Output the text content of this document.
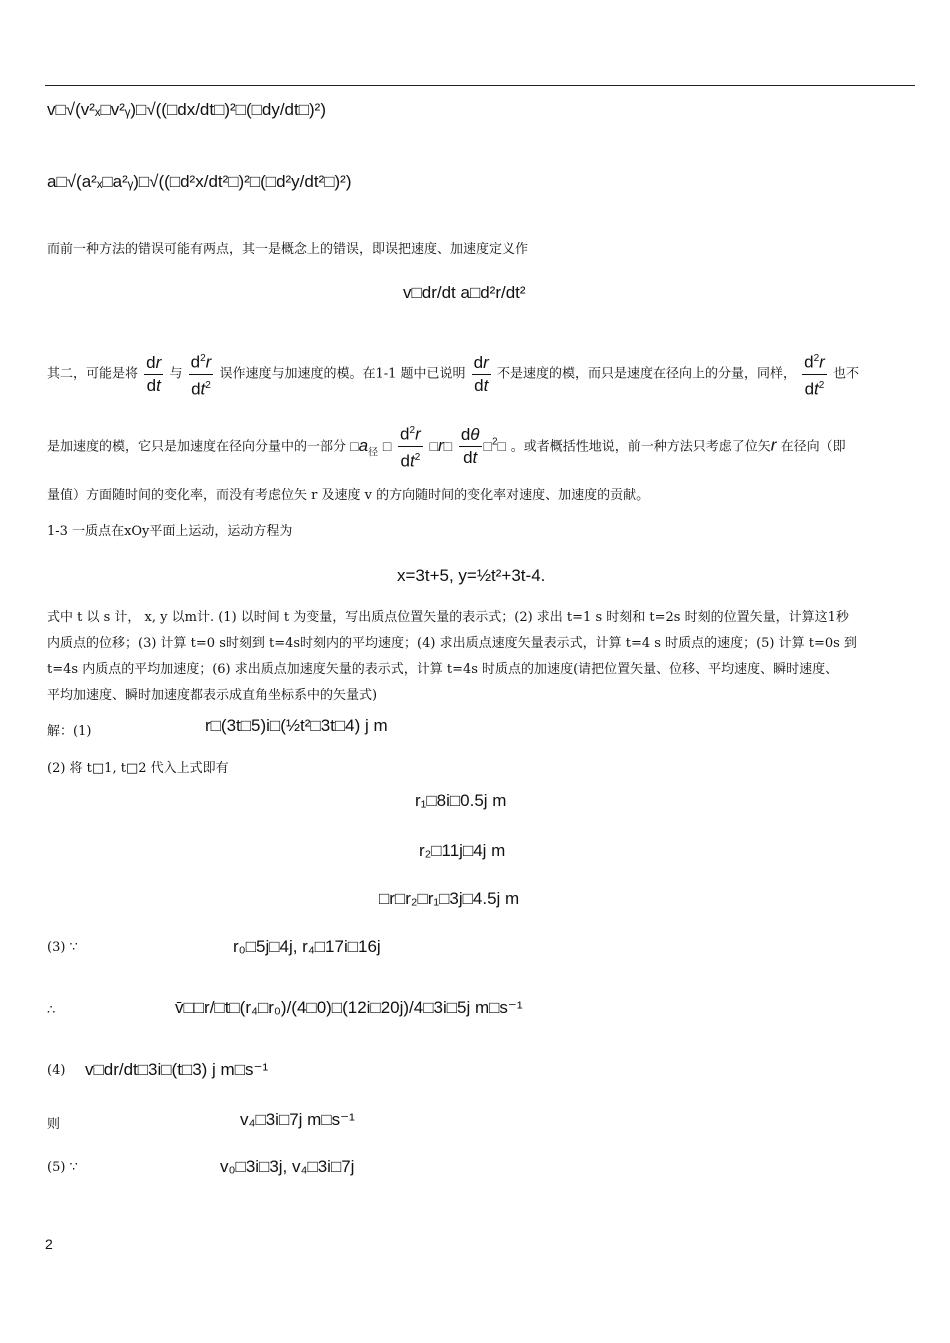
v□√(v²ₓ□v²ᵧ)□√((□dx/dt□)²□(□dy/dt□)²)
a□√(a²ₓ□a²ᵧ)□√((□d²x/dt²□)²□(□d²y/dt²□)²)
而前一种方法的错误可能有两点，其一是概念上的错误，即误把速度、加速度定义作
v□dr/dt a□d²r/dt²
其二，可能是将 $\frac{dr}{dt}$ 与 $\frac{d^2r}{dt^2}$ 误作速度与加速度的模。在1-1 题中已说明 $\frac{dr}{dt}$ 不是速度的模，而只是速度在径向上的分量，同样， $\frac{d^2r}{dt^2}$ 也不
是加速度的模，它只是加速度在径向分量中的一部分 $□a_径$ □ $\frac{d^2r}{dt^2}$ □r□ $\frac{d\theta}{dt}$ □$^2$□ 。或者概括性地说，前一种方法只考虑了位矢r 在径向（即
量值）方面随时间的变化率，而没有考虑位矢 r 及速度 v 的方向随时间的变化率对速度、加速度的贡献。
1-3 一质点在xOy平面上运动，运动方程为
x=3t+5, y=½t²+3t-4.
式中 t 以 s 计， x, y 以m计. (1) 以时间 t 为变量，写出质点位置矢量的表示式；(2) 求出 t=1 s 时刻和 t=2s 时刻的位置矢量，计算这1秒
内质点的位移；(3) 计算 t=0 s时刻到 t=4s时刻内的平均速度；(4) 求出质点速度矢量表示式，计算 t=4 s 时质点的速度；(5) 计算 t=0s 到
t=4s 内质点的平均加速度；(6) 求出质点加速度矢量的表示式，计算 t=4s 时质点的加速度(请把位置矢量、位移、平均速度、瞬时速度、
平均加速度、瞬时加速度都表示成直角坐标系中的矢量式)
解：(1)	r□(3t□5)i□(½t²□3t□4) j m
(2) 将 t□1, t□2 代入上式即有
r₁□8i□0.5j m
r₂□11j□4j m
□r□r₂□r₁□3j□4.5j m
(3) ∵	r₀□5j□4j, r₄□17i□16j
∴	v̄□□r/□t□(r₄□r₀)/(4□0)□(12i□20j)/4□3i□5j m□s⁻¹
(4) v□dr/dt□3i□(t□3) j m□s⁻¹
则	v₄□3i□7j m□s⁻¹
(5) ∵	v₀□3i□3j, v₄□3i□7j
2
